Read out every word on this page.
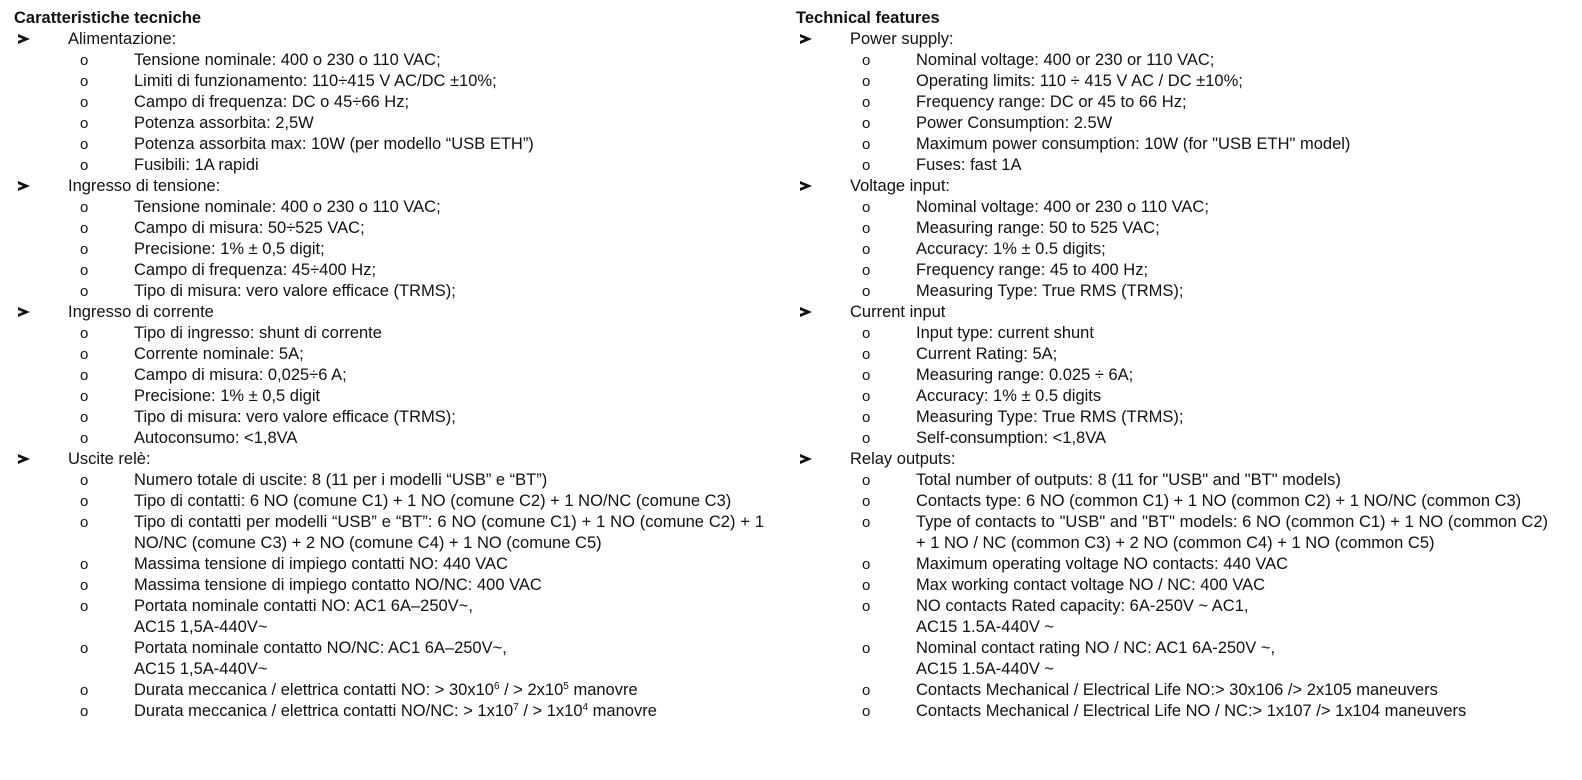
Caratteristiche tecniche
Alimentazione:
o	Tensione nominale: 400 o 230 o 110 VAC;
o	Limiti di funzionamento: 110÷415 V AC/DC ±10%;
o	Campo di frequenza: DC o 45÷66 Hz;
o	Potenza assorbita: 2,5W
o	Potenza assorbita max: 10W (per modello “USB ETH”)
o	Fusibili: 1A rapidi
Ingresso di tensione:
o	Tensione nominale: 400 o 230 o 110 VAC;
o	Campo di misura: 50÷525 VAC;
o	Precisione: 1% ± 0,5 digit;
o	Campo di frequenza: 45÷400 Hz;
o	Tipo di misura: vero valore efficace (TRMS);
Ingresso di corrente
o	Tipo di ingresso: shunt di corrente
o	Corrente nominale: 5A;
o	Campo di misura: 0,025÷6 A;
o	Precisione: 1% ± 0,5 digit
o	Tipo di misura: vero valore efficace (TRMS);
o	Autoconsumo: <1,8VA
Uscite relè:
o	Numero totale di uscite: 8 (11 per i modelli “USB” e “BT”)
o	Tipo di contatti: 6 NO (comune C1) + 1 NO (comune C2) + 1 NO/NC (comune C3)
o	Tipo di contatti per modelli “USB” e “BT”: 6 NO (comune C1) + 1 NO (comune C2) + 1 NO/NC (comune C3) + 2 NO (comune C4) + 1 NO (comune C5)
o	Massima tensione di impiego contatti NO: 440 VAC
o	Massima tensione di impiego contatto NO/NC: 400 VAC
o	Portata nominale contatti NO: AC1 6A–250V~,
AC15 1,5A-440V~
o	Portata nominale contatto NO/NC: AC1 6A–250V~,
AC15 1,5A-440V~
o	Durata meccanica / elettrica contatti NO: > $30x10^6$ / > $2x10^5$ manovre
o	Durata meccanica / elettrica contatti NO/NC: > $1x10^7$ / > $1x10^4$ manovre
Technical features
Power supply:
o	Nominal voltage: 400 or 230 or 110 VAC;
o	Operating limits: 110 ÷ 415 V AC / DC ±10%;
o	Frequency range: DC or 45 to 66 Hz;
o	Power Consumption: 2.5W
o	Maximum power consumption: 10W (for "USB ETH" model)
o	Fuses: fast 1A
Voltage input:
o	Nominal voltage: 400 or 230 o 110 VAC;
o	Measuring range: 50 to 525 VAC;
o	Accuracy: 1% ± 0.5 digits;
o	Frequency range: 45 to 400 Hz;
o	Measuring Type: True RMS (TRMS);
Current input
o	Input type: current shunt
o	Current Rating: 5A;
o	Measuring range: 0.025 ÷ 6A;
o	Accuracy: 1% ± 0.5 digits
o	Measuring Type: True RMS (TRMS);
o	Self-consumption: <1,8VA
Relay outputs:
o	Total number of outputs: 8 (11 for "USB" and "BT" models)
o	Contacts type: 6 NO (common C1) + 1 NO (common C2) + 1 NO/NC (common C3)
o	Type of contacts to "USB" and "BT" models: 6 NO (common C1) + 1 NO (common C2) + 1 NO / NC (common C3) + 2 NO (common C4) + 1 NO (common C5)
o	Maximum operating voltage NO contacts: 440 VAC
o	Max working contact voltage NO / NC: 400 VAC
o	NO contacts Rated capacity: 6A-250V ~ AC1,
AC15 1.5A-440V ~
o	Nominal contact rating NO / NC: AC1 6A-250V ~,
AC15 1.5A-440V ~
o	Contacts Mechanical / Electrical Life NO:> 30x106 /> 2x105 maneuvers
o	Contacts Mechanical / Electrical Life NO / NC:> 1x107 /> 1x104 maneuvers
